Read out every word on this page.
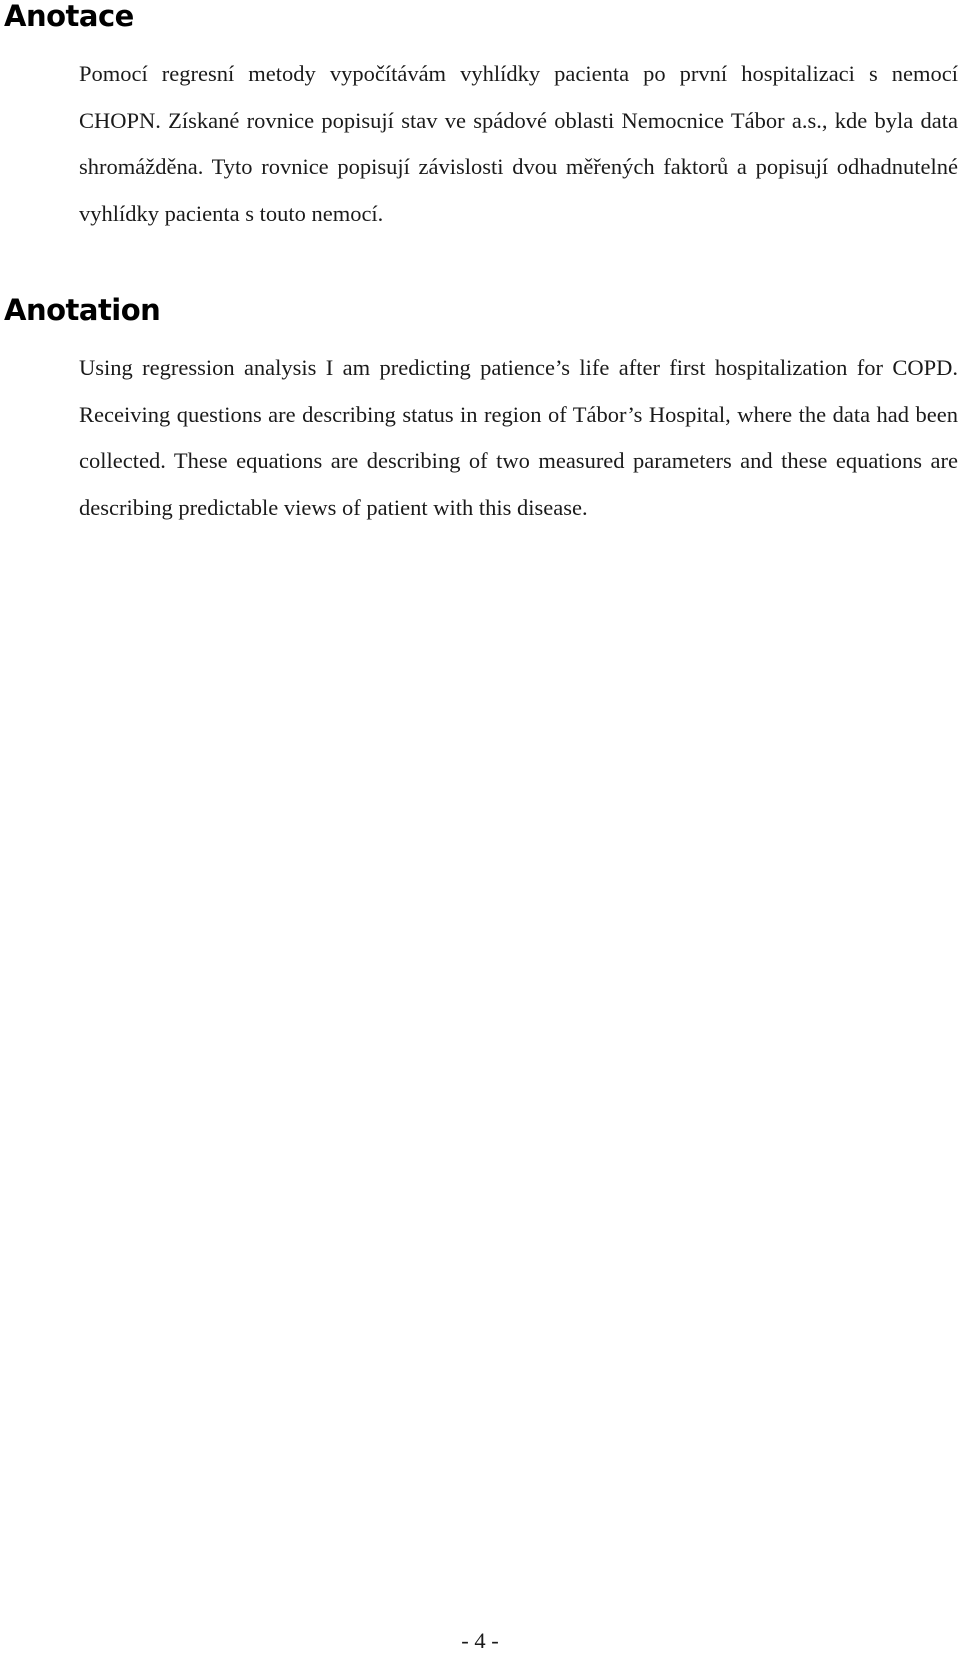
Anotace

Pomocí regresní metody vypočítávám vyhlídky pacienta po první hospitalizaci s nemocí CHOPN. Získané rovnice popisují stav ve spádové oblasti Nemocnice Tábor a.s., kde byla data shromážděna. Tyto rovnice popisují závislosti dvou měřených faktorů a popisují odhadnutelné vyhlídky pacienta s touto nemocí.

Anotation

Using regression analysis I am predicting patience’s life after first hospitalization for COPD. Receiving questions are describing status in region of Tábor’s Hospital, where the data had been collected. These equations are describing of two measured parameters and these equations are describing predictable views of patient with this disease.

- 4 -
